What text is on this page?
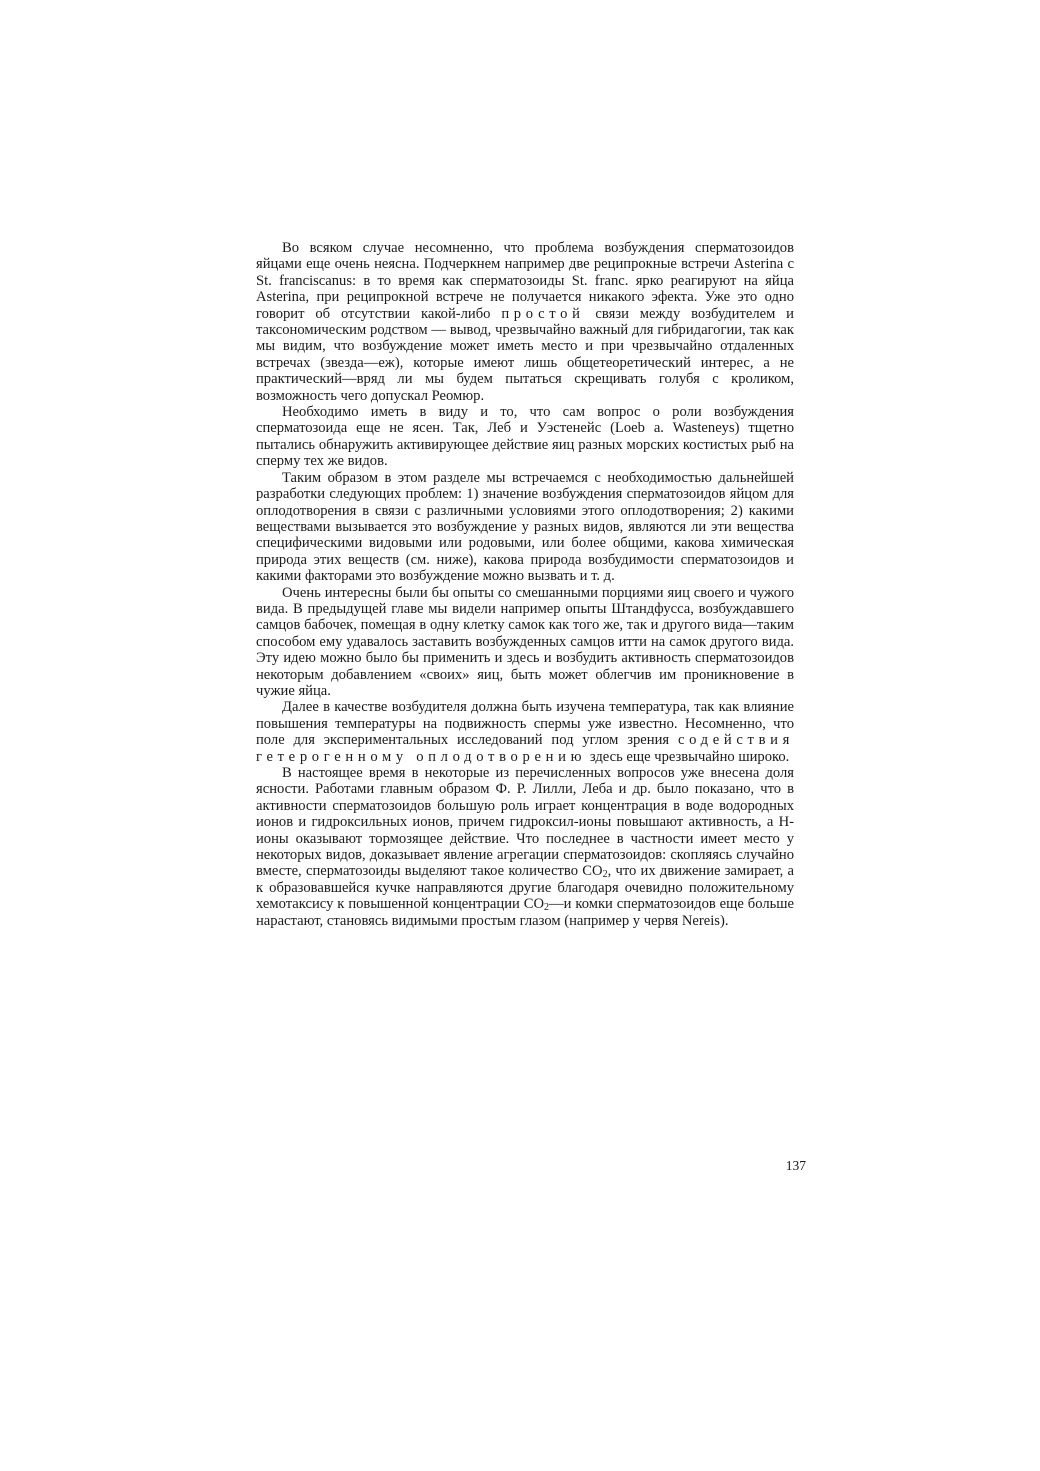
Во всяком случае несомненно, что проблема возбуждения сперматозоидов яйцами еще очень неясна. Подчеркнем например две реципрокные встречи Asterina с St. franciscanus: в то время как сперматозоиды St. franc. ярко реагируют на яйца Asterina, при реципрокной встрече не получается никакого эфекта. Уже это одно говорит об отсутствии какой-либо простой связи между возбудителем и таксономическим родством — вывод, чрезвычайно важный для гибридагогии, так как мы видим, что возбуждение может иметь место и при чрезвычайно отдаленных встречах (звезда—еж), которые имеют лишь общетеоретический интерес, а не практический—вряд ли мы будем пытаться скрещивать голубя с кроликом, возможность чего допускал Реомюр.

Необходимо иметь в виду и то, что сам вопрос о роли возбуждения сперматозоида еще не ясен. Так, Леб и Уэстенейс (Loeb a. Wasteneys) тщетно пытались обнаружить активирующее действие яиц разных морских костистых рыб на сперму тех же видов.

Таким образом в этом разделе мы встречаемся с необходимостью дальнейшей разработки следующих проблем: 1) значение возбуждения сперматозоидов яйцом для оплодотворения в связи с различными условиями этого оплодотворения; 2) какими веществами вызывается это возбуждение у разных видов, являются ли эти вещества специфическими видовыми или родовыми, или более общими, какова химическая природа этих веществ (см. ниже), какова природа возбудимости сперматозоидов и какими факторами это возбуждение можно вызвать и т. д.

Очень интересны были бы опыты со смешанными порциями яиц своего и чужого вида. В предыдущей главе мы видели например опыты Штандфусса, возбуждавшего самцов бабочек, помещая в одну клетку самок как того же, так и другого вида—таким способом ему удавалось заставить возбужденных самцов итти на самок другого вида. Эту идею можно было бы применить и здесь и возбудить активность сперматозоидов некоторым добавлением «своих» яиц, быть может облегчив им проникновение в чужие яйца.

Далее в качестве возбудителя должна быть изучена температура, так как влияние повышения температуры на подвижность спермы уже известно. Несомненно, что поле для экспериментальных исследований под углом зрения содействия гетерогенному оплодотворению здесь еще чрезвычайно широко.

В настоящее время в некоторые из перечисленных вопросов уже внесена доля ясности. Работами главным образом Ф. Р. Лилли, Леба и др. было показано, что в активности сперматозоидов большую роль играет концентрация в воде водородных ионов и гидроксильных ионов, причем гидроксил-ионы повышают активность, а Н-ионы оказывают тормозящее действие. Что последнее в частности имеет место у некоторых видов, доказывает явление агрегации сперматозоидов: скопляясь случайно вместе, сперматозоиды выделяют такое количество $CO_2$, что их движение замирает, а к образовавшейся кучке направляются другие благодаря очевидно положительному хемотаксису к повышенной концентрации $CO_2—и$ комки сперматозоидов еще больше нарастают, становясь видимыми простым глазом (например у червя Nereis).

137
